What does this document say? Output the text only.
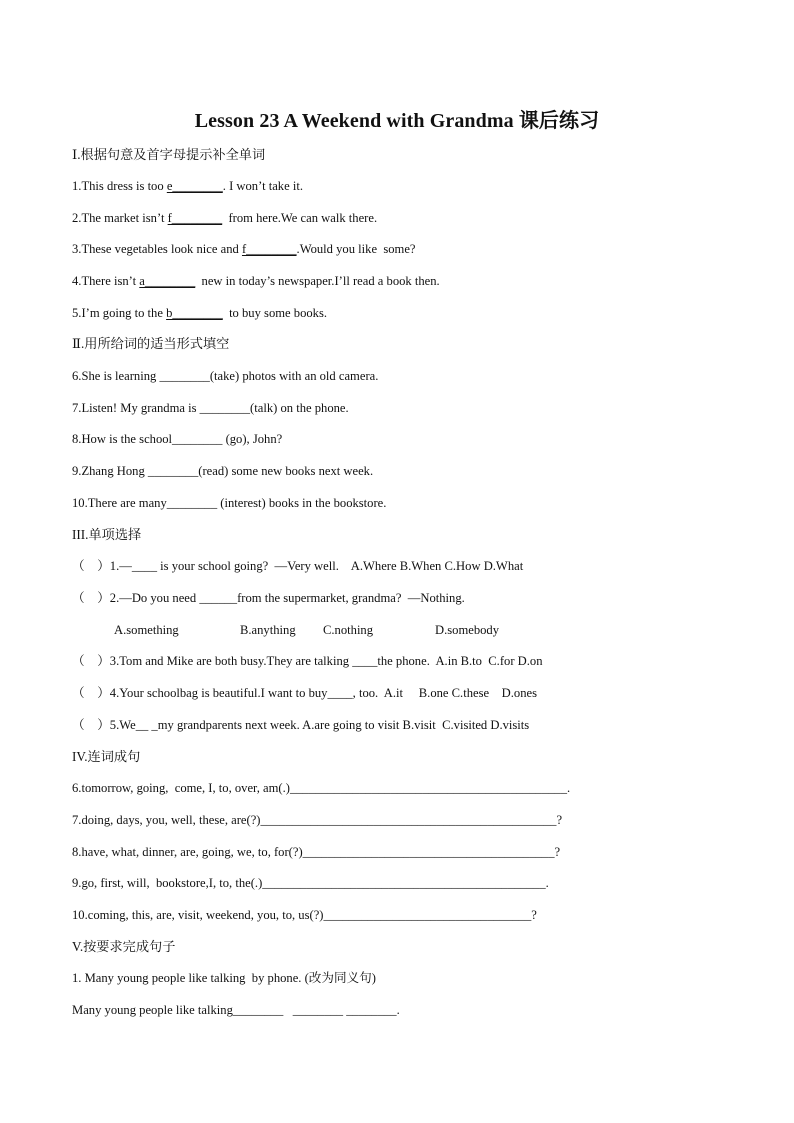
Lesson 23 A Weekend with Grandma 课后练习

Ⅰ.根据句意及首字母提示补全单词

1.This dress is too e________. I won’t take it.

2.The market isn’t f________  from here.We can walk there.

3.These vegetables look nice and f________.Would you like  some?

4.There isn’t a________  new in today’s newspaper.I’ll read a book then.

5.I’m going to the b________  to buy some books.

Ⅱ.用所给词的适当形式填空

6.She is learning ________(take) photos with an old camera.

7.Listen! My grandma is ________(talk) on the phone.

8.How is the school________ (go), John?

9.Zhang Hong ________(read) some new books next week.

10.There are many________ (interest) books in the bookstore.

III.单项选择

（    ）1.—____ is your school going?  —Very well.    A.Where B.When C.How D.What

（    ）2.—Do you need ______from the supermarket, grandma?  —Nothing.

A.something	B.anything C.nothing	D.somebody

（    ）3.Tom and Mike are both busy.They are talking ____the phone.  A.in B.to  C.for D.on

（    ）4.Your schoolbag is beautiful.I want to buy____, too.  A.it     B.one C.these    D.ones

（    ）5.We__ _my grandparents next week. A.are going to visit B.visit  C.visited D.visits

IV.连词成句

6.tomorrow, going,  come, I, to, over, am(.)____________________________________________.

7.doing, days, you, well, these, are(?)_______________________________________________?

8.have, what, dinner, are, going, we, to, for(?)________________________________________?

9.go, first, will,  bookstore,I, to, the(.)_____________________________________________.

10.coming, this, are, visit, weekend, you, to, us(?)_________________________________?

V.按要求完成句子

1. Many young people like talking  by phone. (改为同义句)

Many young people like talking________   ________ ________.
